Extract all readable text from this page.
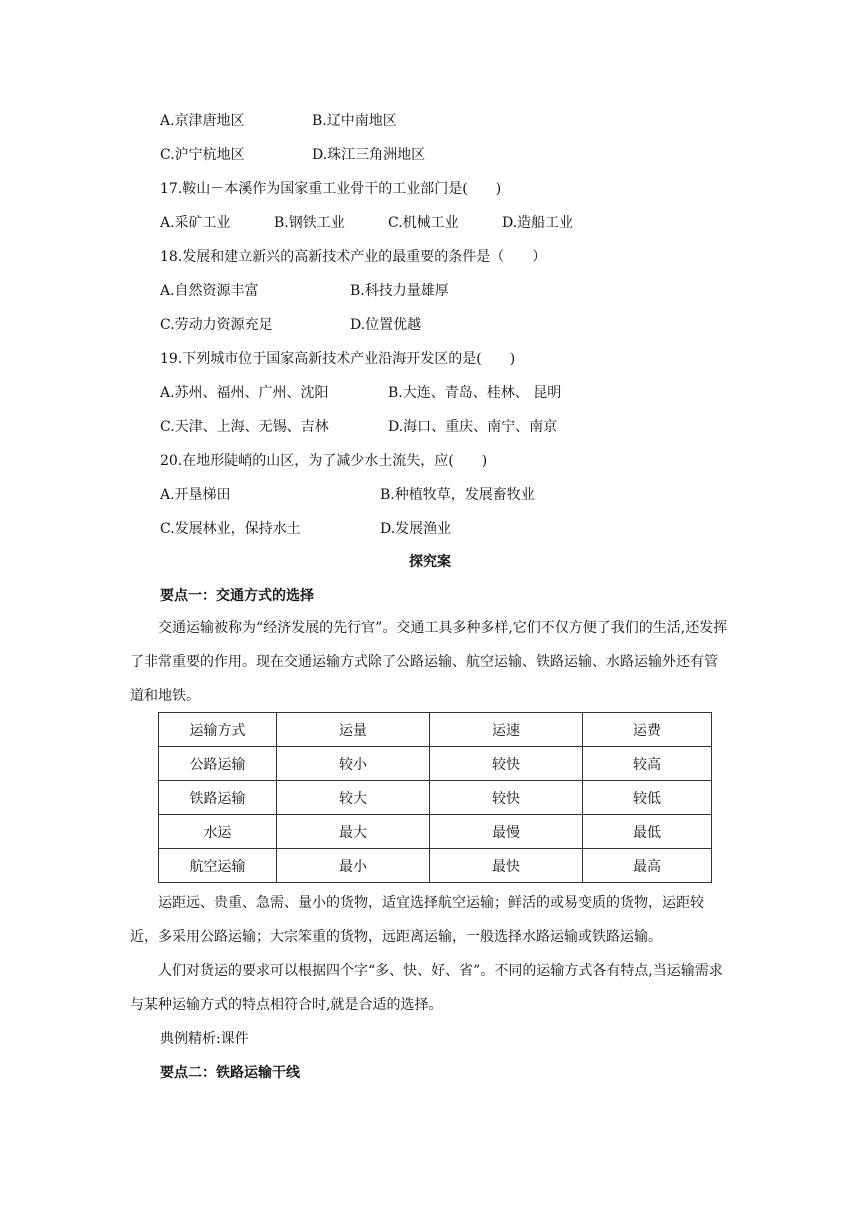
A.京津唐地区	B.辽中南地区
C.沪宁杭地区	D.珠江三角洲地区
17.鞍山－本溪作为国家重工业骨干的工业部门是(　　)
A.采矿工业	B.钢铁工业	C.机械工业	D.造船工业
18.发展和建立新兴的高新技术产业的最重要的条件是（　　）
A.自然资源丰富	B.科技力量雄厚
C.劳动力资源充足	D.位置优越
19.下列城市位于国家高新技术产业沿海开发区的是(　　)
A.苏州、福州、广州、沈阳	B.大连、青岛、桂林、 昆明
C.天津、上海、无锡、吉林	D.海口、重庆、南宁、南京
20.在地形陡峭的山区，为了减少水土流失，应(　　)
A.开垦梯田	B.种植牧草，发展畜牧业
C.发展林业，保持水土	D.发展渔业
探究案
要点一：交通方式的选择

交通运输被称为“经济发展的先行官”。交通工具多种多样,它们不仅方便了我们的生活,还发挥了非常重要的作用。现在交通运输方式除了公路运输、航空运输、铁路运输、水路运输外还有管道和地铁。

运输方式	运量	运速	运费
公路运输	较小	较快	较高
铁路运输	较大	较快	较低
水运	最大	最慢	最低
航空运输	最小	最快	最高

运距远、贵重、急需、量小的货物，适宜选择航空运输；鲜活的或易变质的货物，运距较近，多采用公路运输；大宗笨重的货物，远距离运输，一般选择水路运输或铁路运输。

人们对货运的要求可以根据四个字“多、快、好、省”。不同的运输方式各有特点,当运输需求与某种运输方式的特点相符合时,就是合适的选择。

典例精析:课件
要点二：铁路运输干线
